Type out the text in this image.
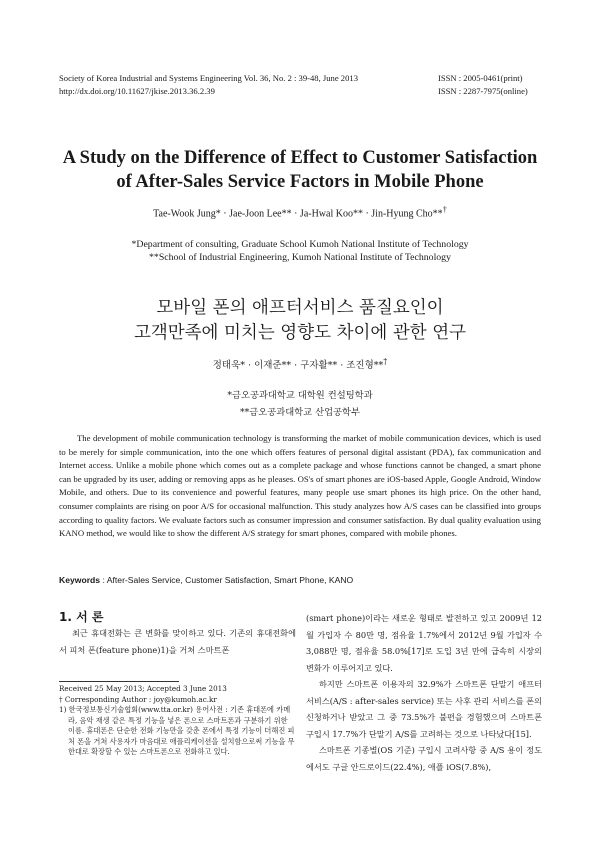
Society of Korea Industrial and Systems Engineering Vol. 36, No. 2 : 39-48, June 2013
http://dx.doi.org/10.11627/jkise.2013.36.2.39
ISSN : 2005-0461(print)
ISSN : 2287-7975(online)
A Study on the Difference of Effect to Customer Satisfaction
of After-Sales Service Factors in Mobile Phone
Tae-Wook Jung* · Jae-Joon Lee** · Ja-Hwal Koo** · Jin-Hyung Cho**†
*Department of consulting, Graduate School Kumoh National Institute of Technology
**School of Industrial Engineering, Kumoh National Institute of Technology
모바일 폰의 애프터서비스 품질요인이
고객만족에 미치는 영향도 차이에 관한 연구
정태욱* · 이재준** · 구자활** · 조진형**†
*금오공과대학교 대학원 컨설팅학과
**금오공과대학교 산업공학부
The development of mobile communication technology is transforming the market of mobile communication devices, which is used to be merely for simple communication, into the one which offers features of personal digital assistant (PDA), fax communication and Internet access. Unlike a mobile phone which comes out as a complete package and whose functions cannot be changed, a smart phone can be upgraded by its user, adding or removing apps as he pleases. OS's of smart phones are iOS-based Apple, Google Android, Window Mobile, and others. Due to its convenience and powerful features, many people use smart phones its high price. On the other hand, consumer complaints are rising on poor A/S for occasional malfunction. This study analyzes how A/S cases can be classified into groups according to quality factors. We evaluate factors such as consumer impression and consumer satisfaction. By dual quality evaluation using KANO method, we would like to show the different A/S strategy for smart phones, compared with mobile phones.
Keywords : After-Sales Service, Customer Satisfaction, Smart Phone, KANO
1. 서 론

최근 휴대전화는 큰 변화를 맞이하고 있다. 기존의 휴대전화에서 피처 폰(feature phone)1)을 거쳐 스마트폰

Received 25 May 2013; Accepted 3 June 2013
† Corresponding Author : joy@kumoh.ac.kr
1) 한국정보통신기술협회(www.tta.or.kr) 용어사전 : 기존 휴대폰에 카메라, 음악 재생 같은 특정 기능을 넣은 폰으로 스마트폰과 구분하기 위한 이름. 휴대폰은 단순한 전화 기능만을 갖춘 폰에서 특정 기능이 더해진 피처 폰을 거쳐 사용자가 마음대로 애플리케이션을 설치함으로써 기능을 무한대로 확장할 수 있는 스마트폰으로 전화하고 있다.

(smart phone)이라는 새로운 형태로 발전하고 있고 2009년 12월 가입자 수 80만 명, 점유율 1.7%에서 2012년 9월 가입자 수 3,088만 명, 점유율 58.0%[17]로 도입 3년 만에 급속히 시장의 변화가 이루어지고 있다.

하지만 스마트폰 이용자의 32.9%가 스마트폰 단말기 애프터서비스(A/S : after-sales service) 또는 사후 관리 서비스를 폰의 신청하거나 받았고 그 중 73.5%가 불편을 경험했으며 스마트폰 구입시 17.7%가 단말기 A/S를 고려하는 것으로 나타났다[15].

스마트폰 기종별(OS 기준) 구입시 고려사항 중 A/S 용이 정도에서도 구글 안드로이드(22.4%), 애플 iOS(7.8%),
